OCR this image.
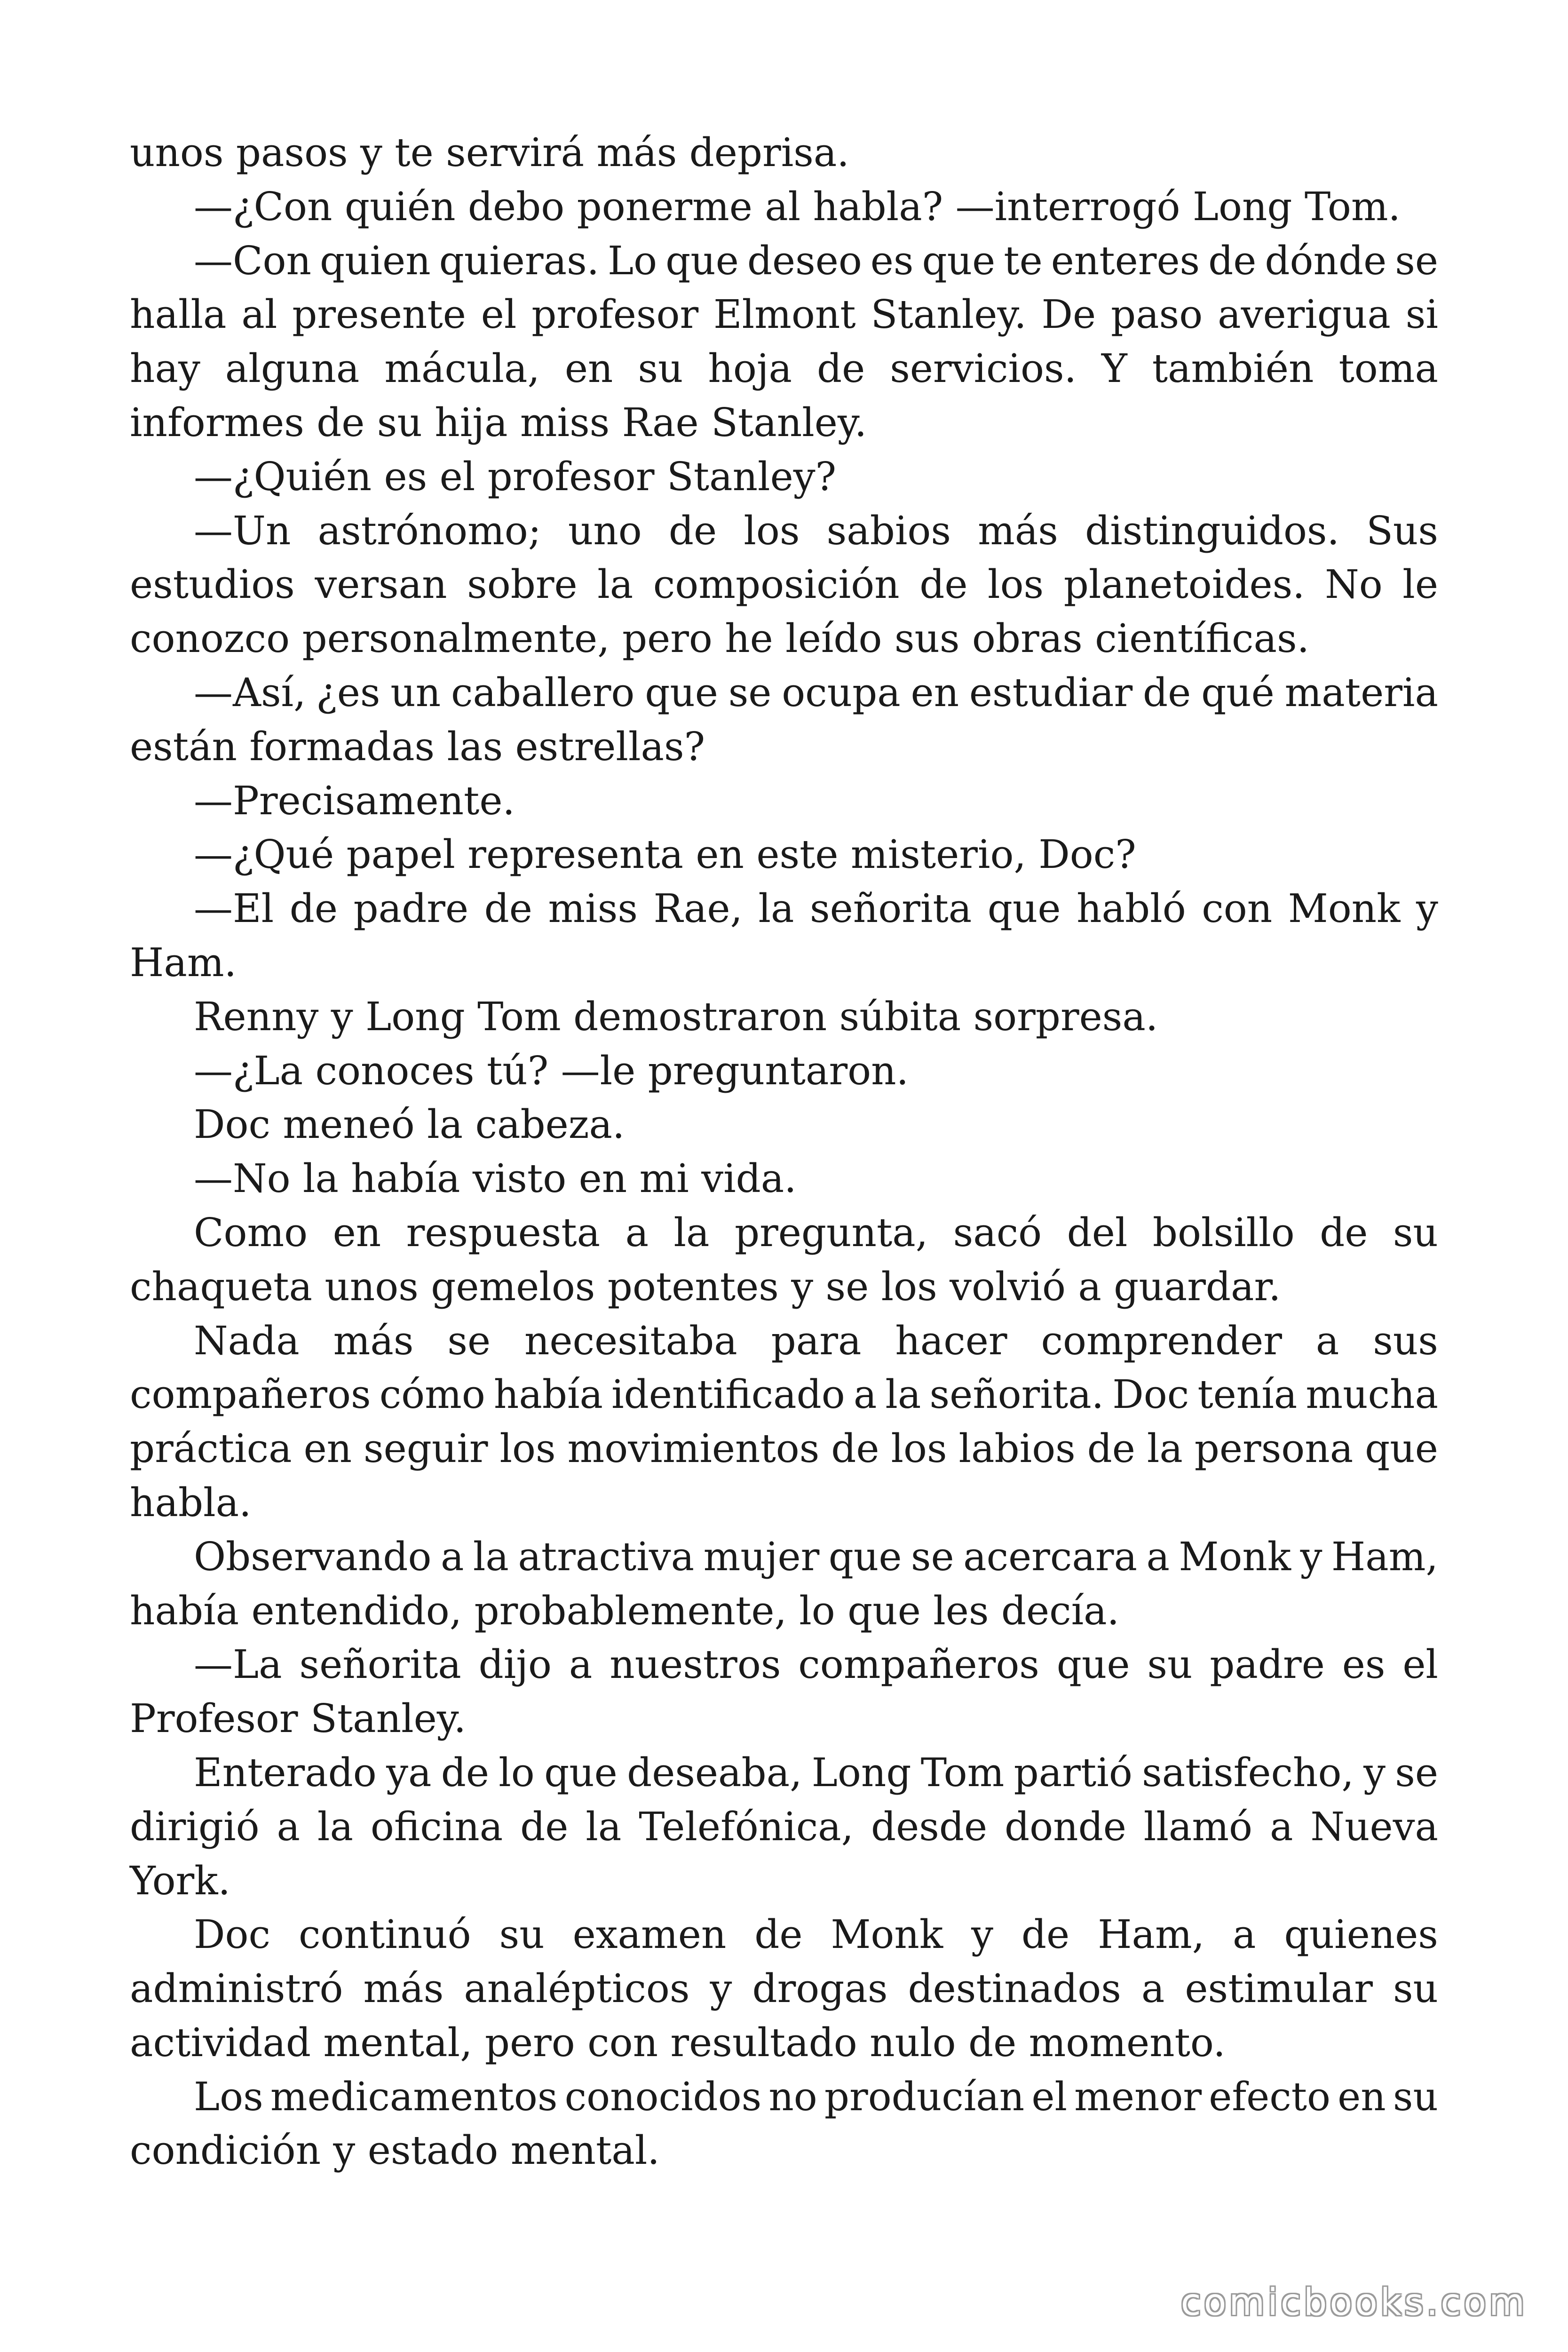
unos pasos y te servirá más deprisa.
—¿Con quién debo ponerme al habla? —interrogó Long Tom.
—Con quien quieras. Lo que deseo es que te enteres de dónde se
halla al presente el profesor Elmont Stanley. De paso averigua si
hay alguna mácula, en su hoja de servicios. Y también toma
informes de su hija miss Rae Stanley.
—¿Quién es el profesor Stanley?
—Un astrónomo; uno de los sabios más distinguidos. Sus
estudios versan sobre la composición de los planetoides. No le
conozco personalmente, pero he leído sus obras científicas.
—Así, ¿es un caballero que se ocupa en estudiar de qué materia
están formadas las estrellas?
—Precisamente.
—¿Qué papel representa en este misterio, Doc?
—El de padre de miss Rae, la señorita que habló con Monk y
Ham.
Renny y Long Tom demostraron súbita sorpresa.
—¿La conoces tú? —le preguntaron.
Doc meneó la cabeza.
—No la había visto en mi vida.
Como en respuesta a la pregunta, sacó del bolsillo de su
chaqueta unos gemelos potentes y se los volvió a guardar.
Nada más se necesitaba para hacer comprender a sus
compañeros cómo había identificado a la señorita. Doc tenía mucha
práctica en seguir los movimientos de los labios de la persona que
habla.
Observando a la atractiva mujer que se acercara a Monk y Ham,
había entendido, probablemente, lo que les decía.
—La señorita dijo a nuestros compañeros que su padre es el
Profesor Stanley.
Enterado ya de lo que deseaba, Long Tom partió satisfecho, y se
dirigió a la oficina de la Telefónica, desde donde llamó a Nueva
York.
Doc continuó su examen de Monk y de Ham, a quienes
administró más analépticos y drogas destinados a estimular su
actividad mental, pero con resultado nulo de momento.
Los medicamentos conocidos no producían el menor efecto en su
condición y estado mental.
comicbooks.com
